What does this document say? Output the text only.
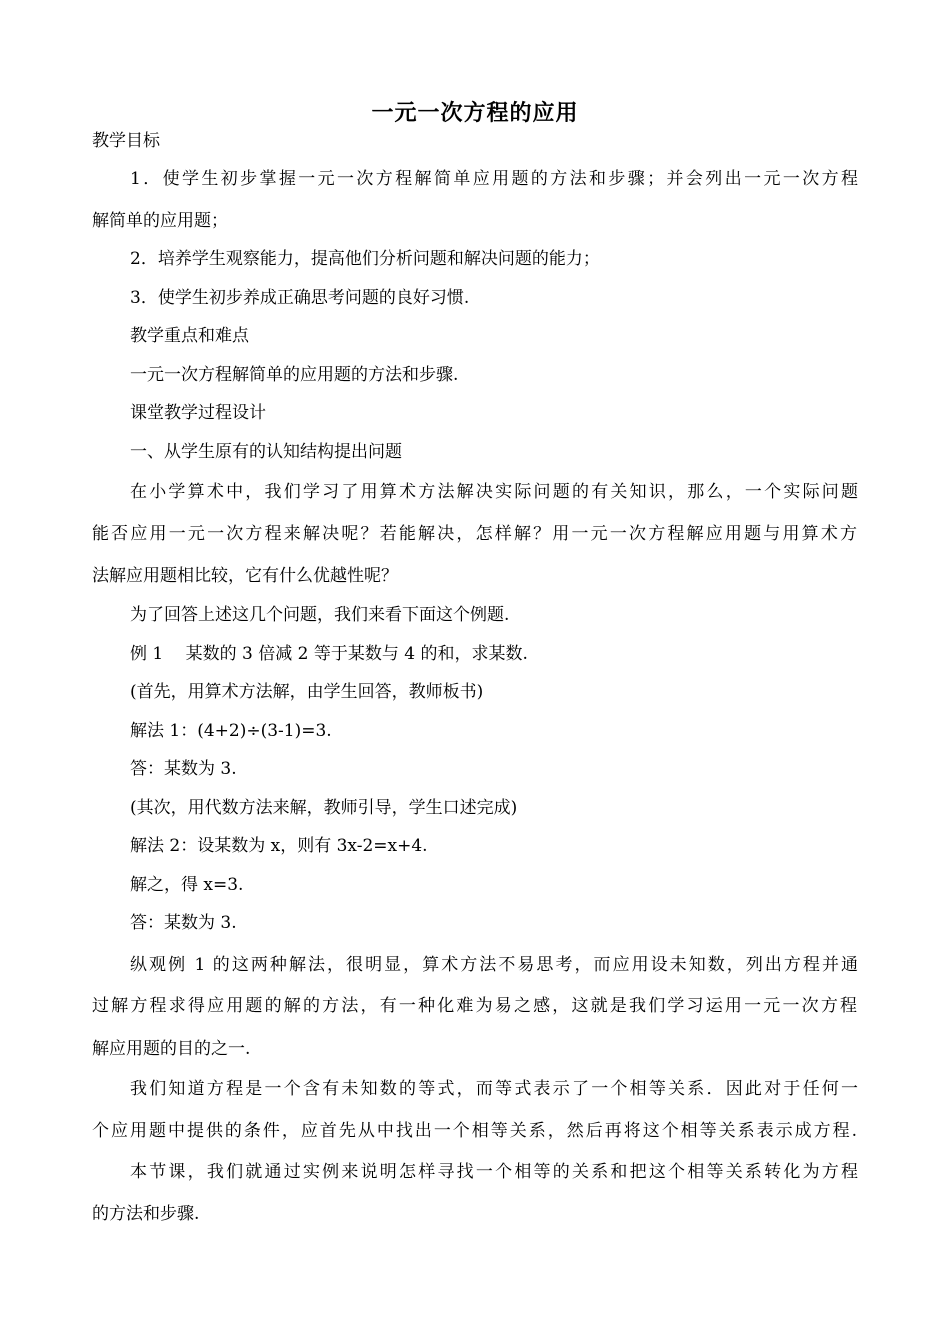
一元一次方程的应用
教学目标
1．使学生初步掌握一元一次方程解简单应用题的方法和步骤；并会列出一元一次方程
解简单的应用题；
2．培养学生观察能力，提高他们分析问题和解决问题的能力；
3．使学生初步养成正确思考问题的良好习惯.
教学重点和难点
一元一次方程解简单的应用题的方法和步骤.
课堂教学过程设计
一、从学生原有的认知结构提出问题
在小学算术中，我们学习了用算术方法解决实际问题的有关知识，那么，一个实际问题
能否应用一元一次方程来解决呢？若能解决，怎样解？用一元一次方程解应用题与用算术方
法解应用题相比较，它有什么优越性呢？
为了回答上述这几个问题，我们来看下面这个例题.
例 1　 某数的 3 倍减 2 等于某数与 4 的和，求某数.
(首先，用算术方法解，由学生回答，教师板书)
解法 1：(4+2)÷(3-1)=3.
答：某数为 3.
(其次，用代数方法来解，教师引导，学生口述完成)
解法 2：设某数为 x，则有 3x-2=x+4.
解之，得 x=3.
答：某数为 3.
纵观例 1 的这两种解法，很明显，算术方法不易思考，而应用设未知数，列出方程并通
过解方程求得应用题的解的方法，有一种化难为易之感，这就是我们学习运用一元一次方程
解应用题的目的之一.
我们知道方程是一个含有未知数的等式，而等式表示了一个相等关系．因此对于任何一
个应用题中提供的条件，应首先从中找出一个相等关系，然后再将这个相等关系表示成方程.
本节课，我们就通过实例来说明怎样寻找一个相等的关系和把这个相等关系转化为方程
的方法和步骤.
